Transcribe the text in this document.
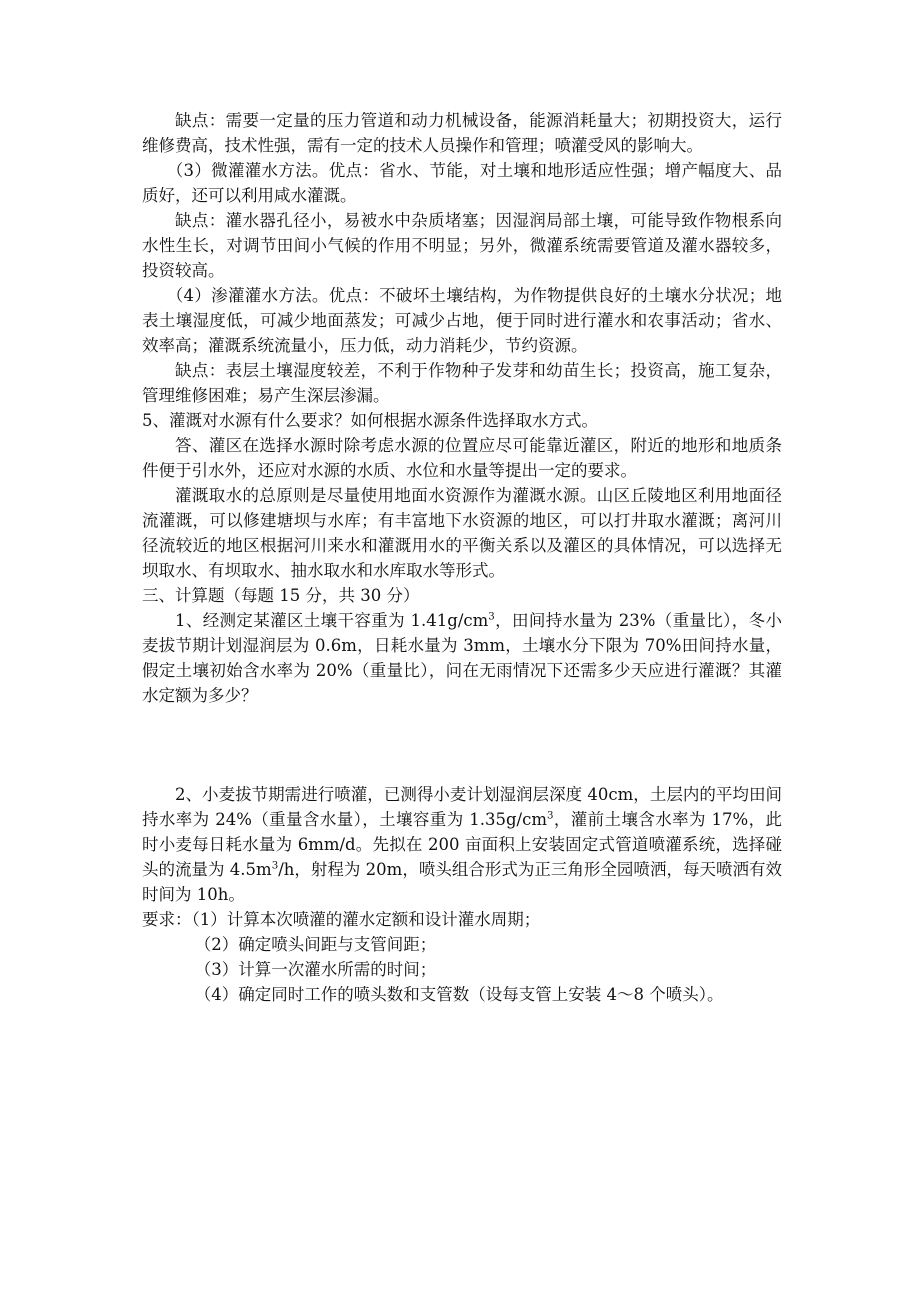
缺点：需要一定量的压力管道和动力机械设备，能源消耗量大；初期投资大，运行维修费高，技术性强，需有一定的技术人员操作和管理；喷灌受风的影响大。

（3）微灌灌水方法。优点：省水、节能，对土壤和地形适应性强；增产幅度大、品质好，还可以利用咸水灌溉。

缺点：灌水器孔径小，易被水中杂质堵塞；因湿润局部土壤，可能导致作物根系向水性生长，对调节田间小气候的作用不明显；另外，微灌系统需要管道及灌水器较多，投资较高。

（4）渗灌灌水方法。优点：不破坏土壤结构，为作物提供良好的土壤水分状况；地表土壤湿度低，可减少地面蒸发；可减少占地，便于同时进行灌水和农事活动；省水、效率高；灌溉系统流量小，压力低，动力消耗少，节约资源。

缺点：表层土壤湿度较差，不利于作物种子发芽和幼苗生长；投资高，施工复杂，管理维修困难；易产生深层渗漏。

5、灌溉对水源有什么要求？如何根据水源条件选择取水方式。

答、灌区在选择水源时除考虑水源的位置应尽可能靠近灌区，附近的地形和地质条件便于引水外，还应对水源的水质、水位和水量等提出一定的要求。

灌溉取水的总原则是尽量使用地面水资源作为灌溉水源。山区丘陵地区利用地面径流灌溉，可以修建塘坝与水库；有丰富地下水资源的地区，可以打井取水灌溉；离河川径流较近的地区根据河川来水和灌溉用水的平衡关系以及灌区的具体情况，可以选择无坝取水、有坝取水、抽水取水和水库取水等形式。

三、计算题（每题 15 分，共 30 分）

1、经测定某灌区土壤干容重为 $1.41g/cm^3$，田间持水量为 23%（重量比），冬小麦拔节期计划湿润层为 0.6m，日耗水量为 3mm，土壤水分下限为 70%田间持水量，假定土壤初始含水率为 20%（重量比），问在无雨情况下还需多少天应进行灌溉？其灌水定额为多少？

2、小麦拔节期需进行喷灌，已测得小麦计划湿润层深度 40cm，土层内的平均田间持水率为 24%（重量含水量），土壤容重为 $1.35g/cm^3$，灌前土壤含水率为 17%，此时小麦每日耗水量为 6mm/d。先拟在 200 亩面积上安装固定式管道喷灌系统，选择碰头的流量为 $4.5m^3/h$，射程为 20m，喷头组合形式为正三角形全园喷洒，每天喷洒有效时间为 10h。

要求：（1）计算本次喷灌的灌水定额和设计灌水周期；

（2）确定喷头间距与支管间距；

（3）计算一次灌水所需的时间；

（4）确定同时工作的喷头数和支管数（设每支管上安装 4～8 个喷头）。
